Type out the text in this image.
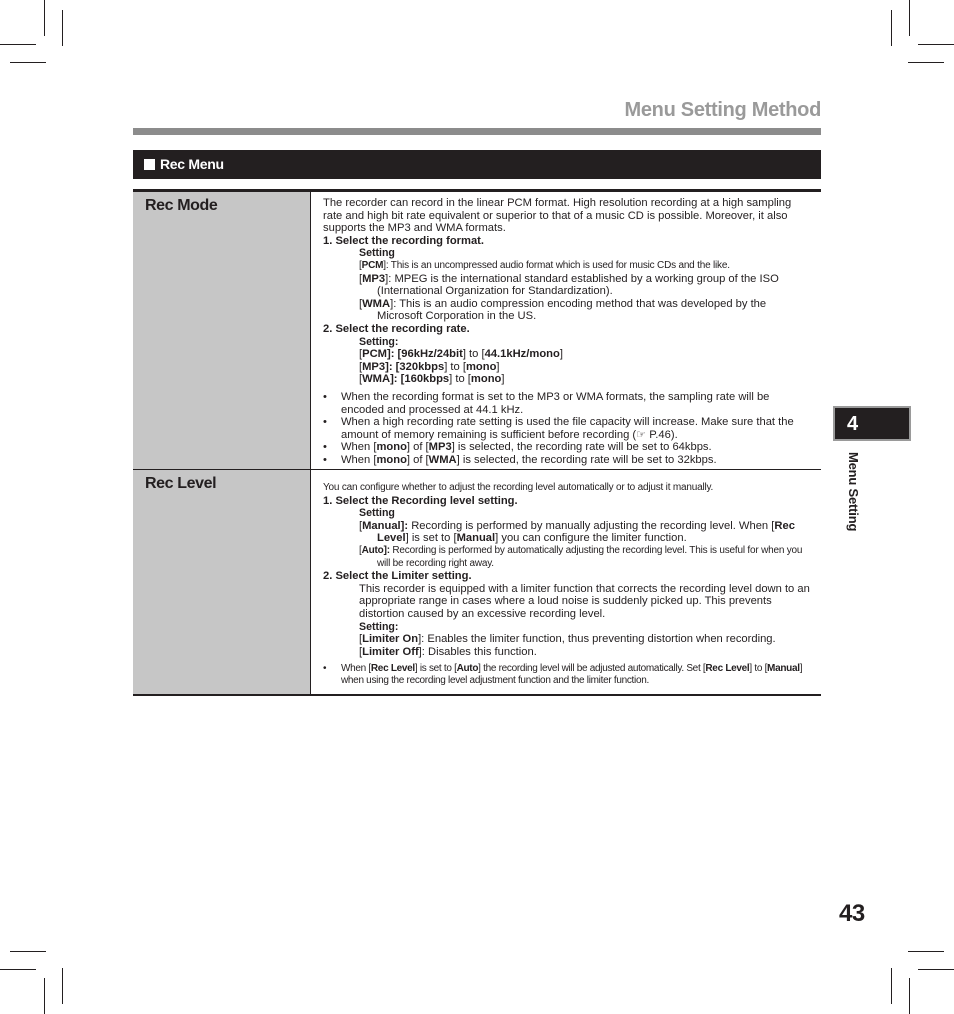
Menu Setting Method
Rec Menu
Rec Mode	The recorder can record in the linear PCM format. High resolution recording at a high sampling rate and high bit rate equivalent or superior to that of a music CD is possible. Moreover, it also supports the MP3 and WMA formats.

1. Select the recording format.

Setting

[PCM]: This is an uncompressed audio format which is used for music CDs and the like.

[MP3]: MPEG is the international standard established by a working group of the ISO (International Organization for Standardization).

[WMA]: This is an audio compression encoding method that was developed by the Microsoft Corporation in the US.

2. Select the recording rate.

Setting:

[PCM]: [96kHz/24bit] to [44.1kHz/mono]

[MP3]: [320kbps] to [mono]

[WMA]: [160kbps] to [mono]

• When the recording format is set to the MP3 or WMA formats, the sampling rate will be encoded and processed at 44.1 kHz.
• When a high recording rate setting is used the file capacity will increase. Make sure that the amount of memory remaining is sufficient before recording (☞ P.46).
• When [mono] of [MP3] is selected, the recording rate will be set to 64kbps.
• When [mono] of [WMA] is selected, the recording rate will be set to 32kbps.
Rec Level	You can configure whether to adjust the recording level automatically or to adjust it manually.

1. Select the Recording level setting.

Setting

[Manual]: Recording is performed by manually adjusting the recording level. When [Rec Level] is set to [Manual] you can configure the limiter function.

[Auto]: Recording is performed by automatically adjusting the recording level. This is useful for when you will be recording right away.

2. Select the Limiter setting.

This recorder is equipped with a limiter function that corrects the recording level down to an appropriate range in cases where a loud noise is suddenly picked up. This prevents distortion caused by an excessive recording level.

Setting:

[Limiter On]: Enables the limiter function, thus preventing distortion when recording.

[Limiter Off]: Disables this function.

• When [Rec Level] is set to [Auto] the recording level will be adjusted automatically. Set [Rec Level] to [Manual] when using the recording level adjustment function and the limiter function.
4
Menu Setting
43
